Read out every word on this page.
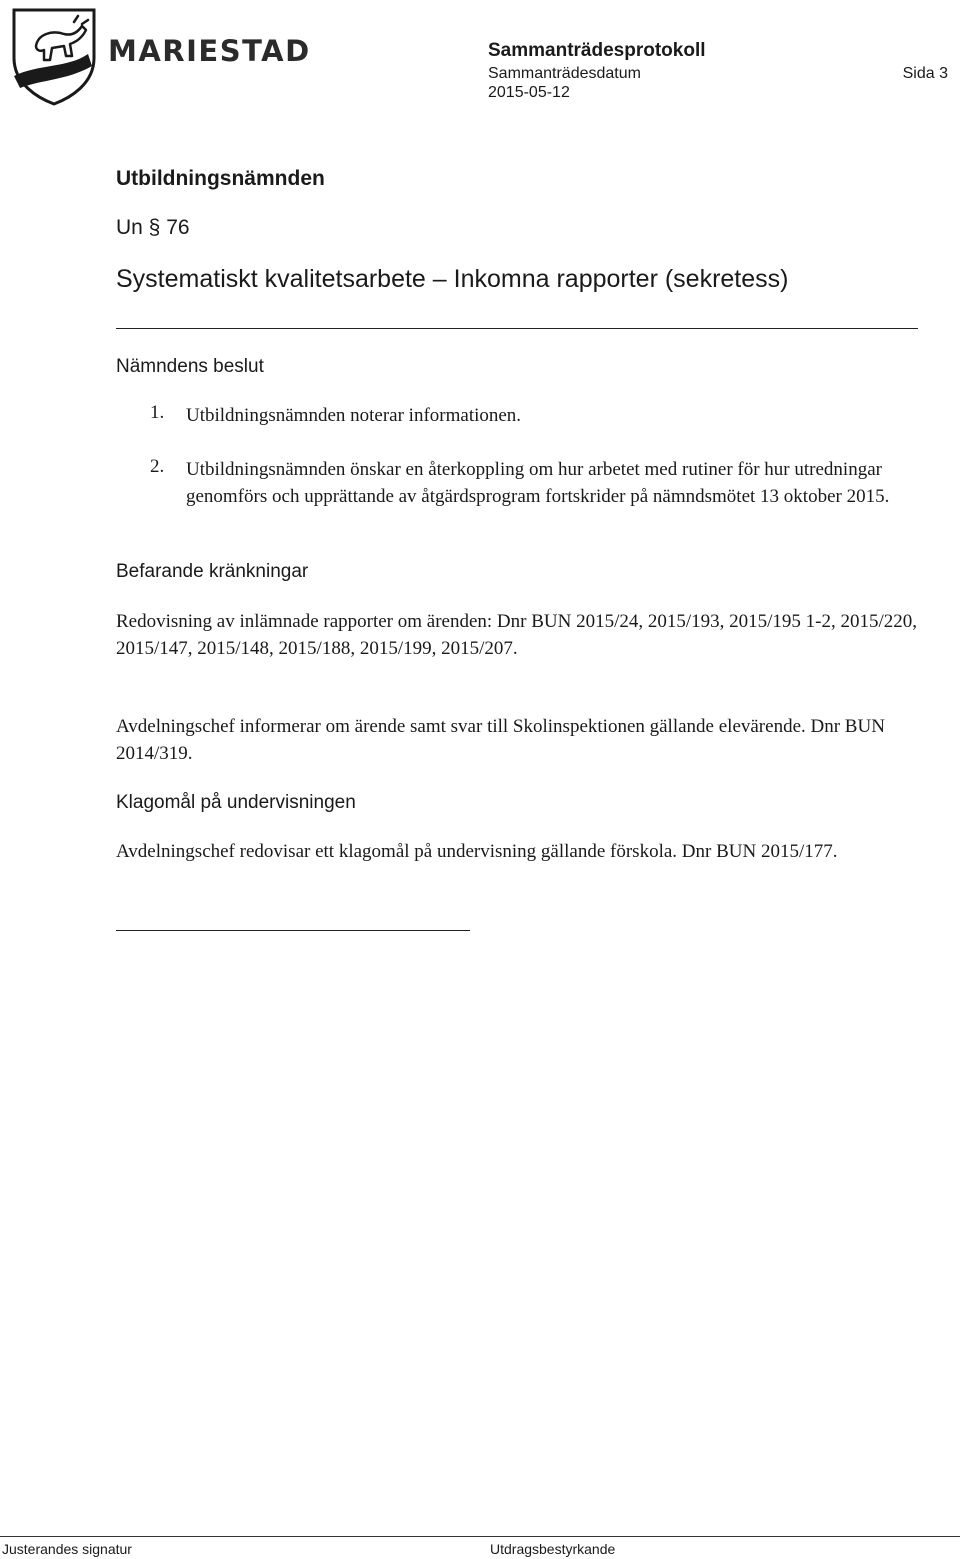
MARIESTAD	Sammanträdesprotokoll
Sammanträdesdatum
2015-05-12
Sida 3
Utbildningsnämnden
Un § 76
Systematiskt kvalitetsarbete – Inkomna rapporter (sekretess)
Nämndens beslut
1. Utbildningsnämnden noterar informationen.
2. Utbildningsnämnden önskar en återkoppling om hur arbetet med rutiner för hur utredningar genomförs och upprättande av åtgärdsprogram fortskrider på nämndsmötet 13 oktober 2015.
Befarande kränkningar
Redovisning av inlämnade rapporter om ärenden: Dnr BUN 2015/24, 2015/193, 2015/195 1-2, 2015/220, 2015/147, 2015/148, 2015/188, 2015/199, 2015/207.
Avdelningschef informerar om ärende samt svar till Skolinspektionen gällande elevärende. Dnr BUN 2014/319.
Klagomål på undervisningen
Avdelningschef redovisar ett klagomål på undervisning gällande förskola. Dnr BUN 2015/177.
Justerandes signatur	Utdragsbestyrkande
